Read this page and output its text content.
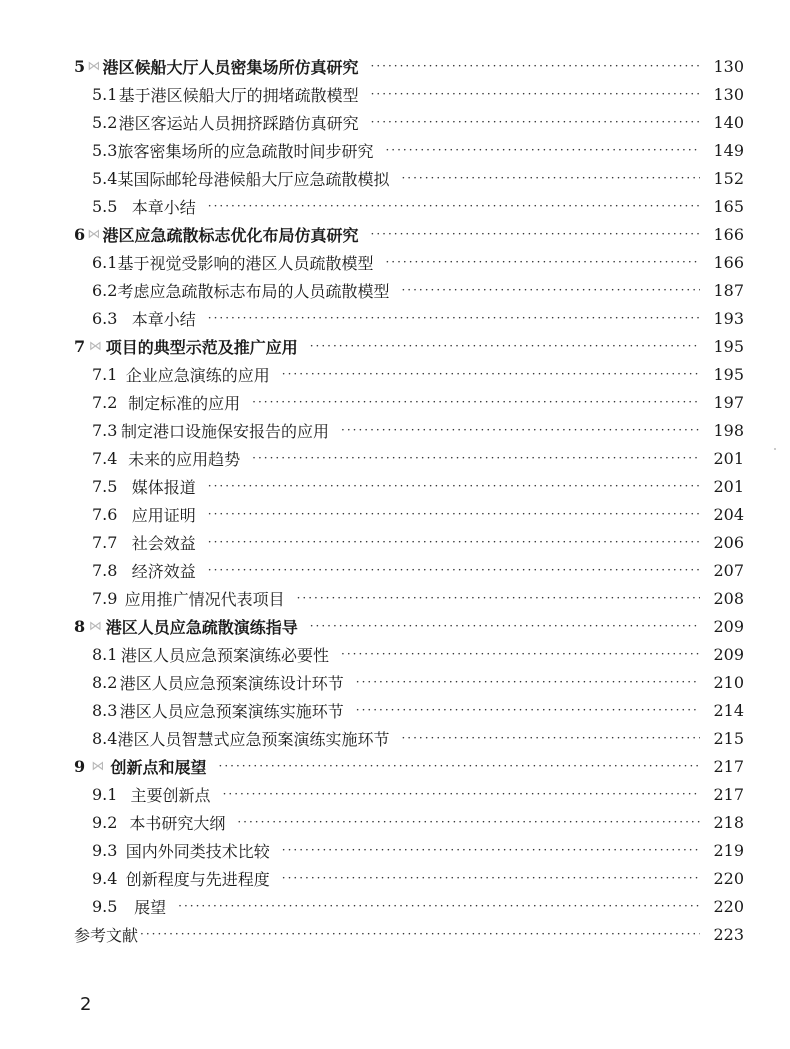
5 ⋈ 港区候船大厅人员密集场所仿真研究 ·····	130
5.1 基于港区候船大厅的拥堵疏散模型 ·····	130
5.2 港区客运站人员拥挤踩踏仿真研究 ·····	140
5.3 旅客密集场所的应急疏散时间步研究 ·····	149
5.4 某国际邮轮母港候船大厅应急疏散模拟 ·····	152
5.5 本章小结 ·····	165
6 ⋈ 港区应急疏散标志优化布局仿真研究 ·····	166
6.1 基于视觉受影响的港区人员疏散模型 ·····	166
6.2 考虑应急疏散标志布局的人员疏散模型 ·····	187
6.3 本章小结 ·····	193
7 ⋈ 项目的典型示范及推广应用 ·····	195
7.1 企业应急演练的应用 ·····	195
7.2 制定标准的应用 ·····	197
7.3 制定港口设施保安报告的应用 ·····	198
7.4 未来的应用趋势 ·····	201
7.5 媒体报道 ·····	201
7.6 应用证明 ·····	204
7.7 社会效益 ·····	206
7.8 经济效益 ·····	207
7.9 应用推广情况代表项目 ·····	208
8 ⋈ 港区人员应急疏散演练指导 ·····	209
8.1 港区人员应急预案演练必要性 ·····	209
8.2 港区人员应急预案演练设计环节 ·····	210
8.3 港区人员应急预案演练实施环节 ·····	214
8.4 港区人员智慧式应急预案演练实施环节 ·····	215
9 ⋈ 创新点和展望 ·····	217
9.1 主要创新点 ·····	217
9.2 本书研究大纲 ·····	218
9.3 国内外同类技术比较 ·····	219
9.4 创新程度与先进程度 ·····	220
9.5	展望 ·····	220
参考文献 ·····	223
2
